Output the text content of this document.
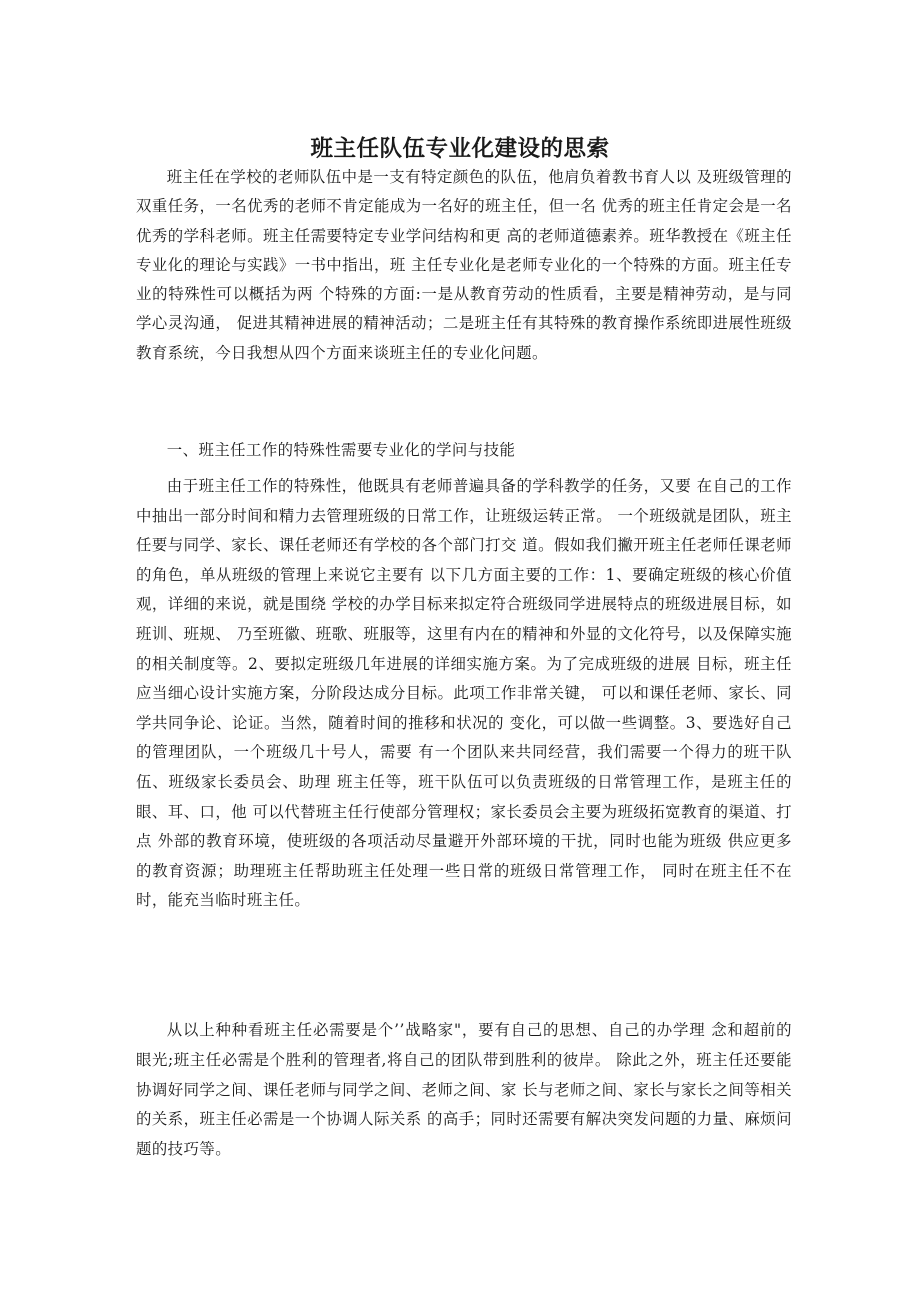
班主任队伍专业化建设的思索

班主任在学校的老师队伍中是一支有特定颜色的队伍，他肩负着教书育人以 及班级管理的双重任务，一名优秀的老师不肯定能成为一名好的班主任，但一名 优秀的班主任肯定会是一名优秀的学科老师。班主任需要特定专业学问结构和更 高的老师道德素养。班华教授在《班主任专业化的理论与实践》一书中指出，班 主任专业化是老师专业化的一个特殊的方面。班主任专业的特殊性可以概括为两 个特殊的方面:一是从教育劳动的性质看，主要是精神劳动，是与同学心灵沟通， 促进其精神进展的精神活动；二是班主任有其特殊的教育操作系统即进展性班级 教育系统，今日我想从四个方面来谈班主任的专业化问题。

一、班主任工作的特殊性需要专业化的学问与技能

由于班主任工作的特殊性，他既具有老师普遍具备的学科教学的任务，又要 在自己的工作中抽出一部分时间和精力去管理班级的日常工作，让班级运转正常。 一个班级就是团队，班主任要与同学、家长、课任老师还有学校的各个部门打交 道。假如我们撇开班主任老师任课老师的角色，单从班级的管理上来说它主要有 以下几方面主要的工作：1、要确定班级的核心价值观，详细的来说，就是围绕 学校的办学目标来拟定符合班级同学进展特点的班级进展目标，如班训、班规、 乃至班徽、班歌、班服等，这里有内在的精神和外显的文化符号，以及保障实施 的相关制度等。2、要拟定班级几年进展的详细实施方案。为了完成班级的进展 目标，班主任应当细心设计实施方案，分阶段达成分目标。此项工作非常关键， 可以和课任老师、家长、同学共同争论、论证。当然，随着时间的推移和状况的 变化，可以做一些调整。3、要选好自己的管理团队，一个班级几十号人，需要 有一个团队来共同经营，我们需要一个得力的班干队伍、班级家长委员会、助理 班主任等，班干队伍可以负责班级的日常管理工作，是班主任的眼、耳、口，他 可以代替班主任行使部分管理权；家长委员会主要为班级拓宽教育的渠道、打点 外部的教育环境，使班级的各项活动尽量避开外部环境的干扰，同时也能为班级 供应更多的教育资源；助理班主任帮助班主任处理一些日常的班级日常管理工作， 同时在班主任不在时，能充当临时班主任。

从以上种种看班主任必需要是个’’战略家"，要有自己的思想、自己的办学理 念和超前的眼光;班主任必需是个胜利的管理者,将自己的团队带到胜利的彼岸。 除此之外，班主任还要能协调好同学之间、课任老师与同学之间、老师之间、家 长与老师之间、家长与家长之间等相关的关系，班主任必需是一个协调人际关系 的高手；同时还需要有解决突发问题的力量、麻烦问题的技巧等。
